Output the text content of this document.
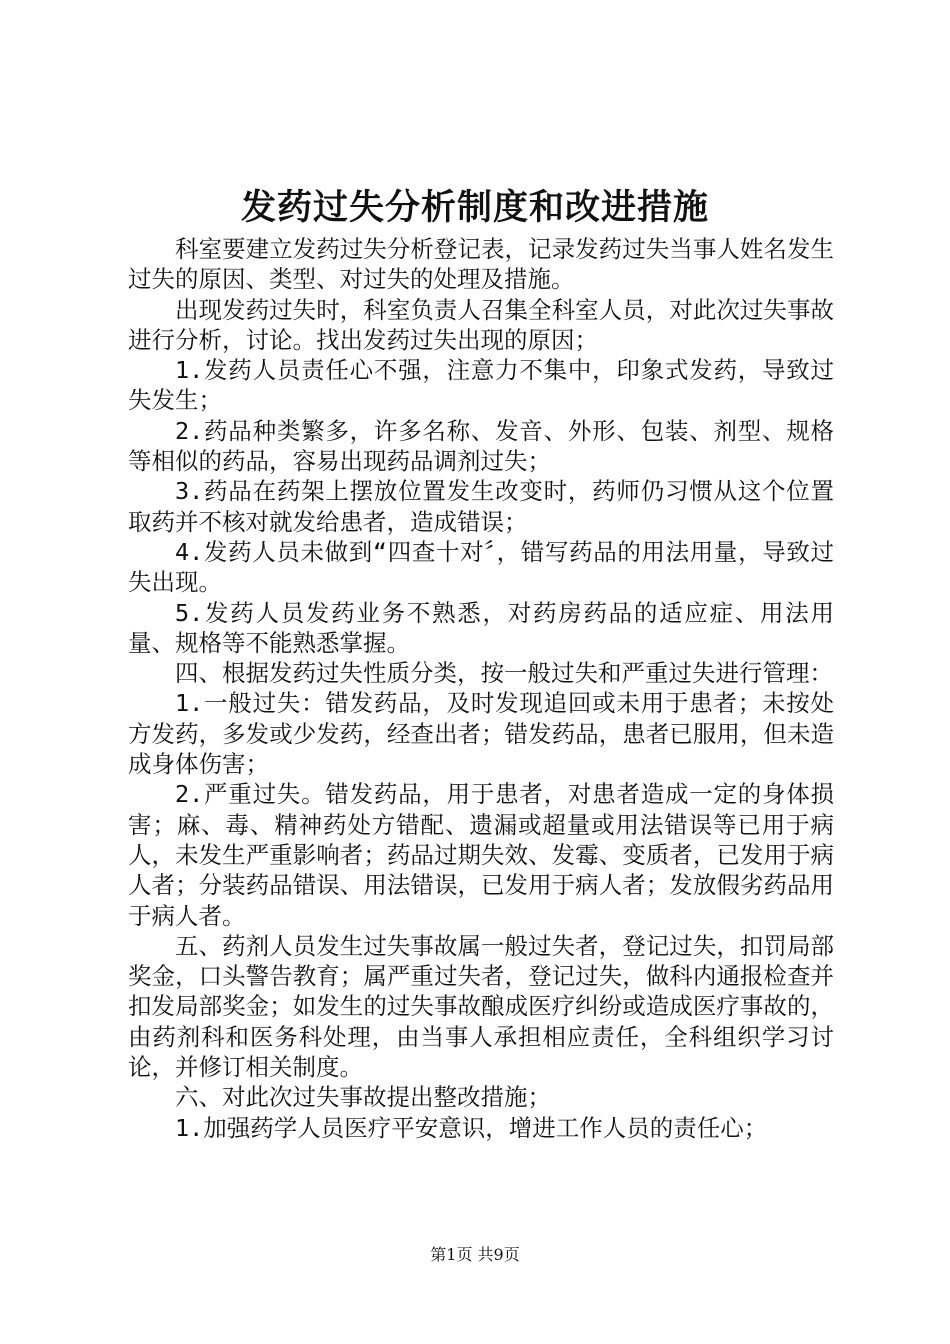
发药过失分析制度和改进措施

科室要建立发药过失分析登记表，记录发药过失当事人姓名发生过失的原因、类型、对过失的处理及措施。

出现发药过失时，科室负责人召集全科室人员，对此次过失事故进行分析，讨论。找出发药过失出现的原因；

1.发药人员责任心不强，注意力不集中，印象式发药，导致过失发生；

2.药品种类繁多，许多名称、发音、外形、包装、剂型、规格等相似的药品，容易出现药品调剂过失；

3.药品在药架上摆放位置发生改变时，药师仍习惯从这个位置取药并不核对就发给患者，造成错误；

4.发药人员未做到“四查十对〞，错写药品的用法用量，导致过失出现。

5.发药人员发药业务不熟悉，对药房药品的适应症、用法用量、规格等不能熟悉掌握。

四、根据发药过失性质分类，按一般过失和严重过失进行管理：

1.一般过失：错发药品，及时发现追回或未用于患者；未按处方发药，多发或少发药，经查出者；错发药品，患者已服用，但未造成身体伤害；

2.严重过失。错发药品，用于患者，对患者造成一定的身体损害；麻、毒、精神药处方错配、遗漏或超量或用法错误等已用于病人，未发生严重影响者；药品过期失效、发霉、变质者，已发用于病人者；分装药品错误、用法错误，已发用于病人者；发放假劣药品用于病人者。

五、药剂人员发生过失事故属一般过失者，登记过失，扣罚局部奖金，口头警告教育；属严重过失者，登记过失，做科内通报检查并扣发局部奖金；如发生的过失事故酿成医疗纠纷或造成医疗事故的，由药剂科和医务科处理，由当事人承担相应责任，全科组织学习讨论，并修订相关制度。

六、对此次过失事故提出整改措施；

1.加强药学人员医疗平安意识，增进工作人员的责任心；

第1页 共9页
